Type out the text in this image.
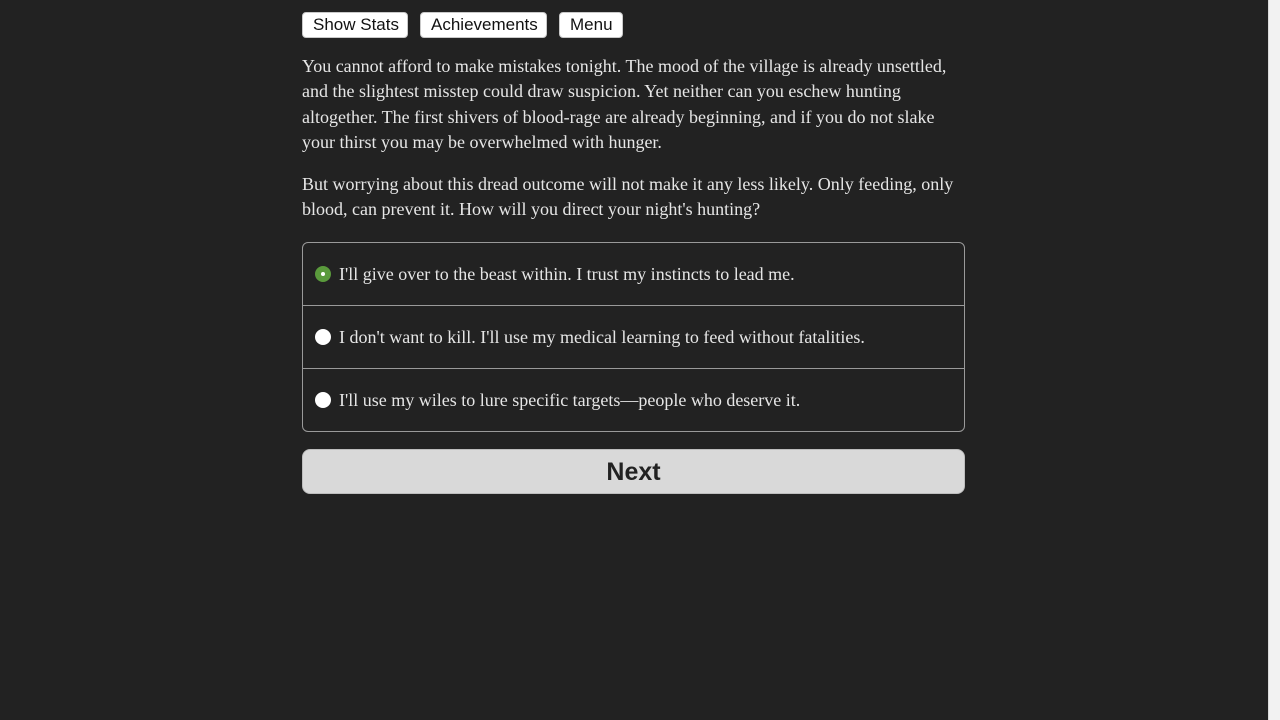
Show Stats	Achievements	Menu

You cannot afford to make mistakes tonight. The mood of the village is already unsettled, and the slightest misstep could draw suspicion. Yet neither can you eschew hunting altogether. The first shivers of blood-rage are already beginning, and if you do not slake your thirst you may be overwhelmed with hunger.

But worrying about this dread outcome will not make it any less likely. Only feeding, only blood, can prevent it. How will you direct your night's hunting?

I'll give over to the beast within. I trust my instincts to lead me.
I don't want to kill. I'll use my medical learning to feed without fatalities.
I'll use my wiles to lure specific targets—people who deserve it.
Next
